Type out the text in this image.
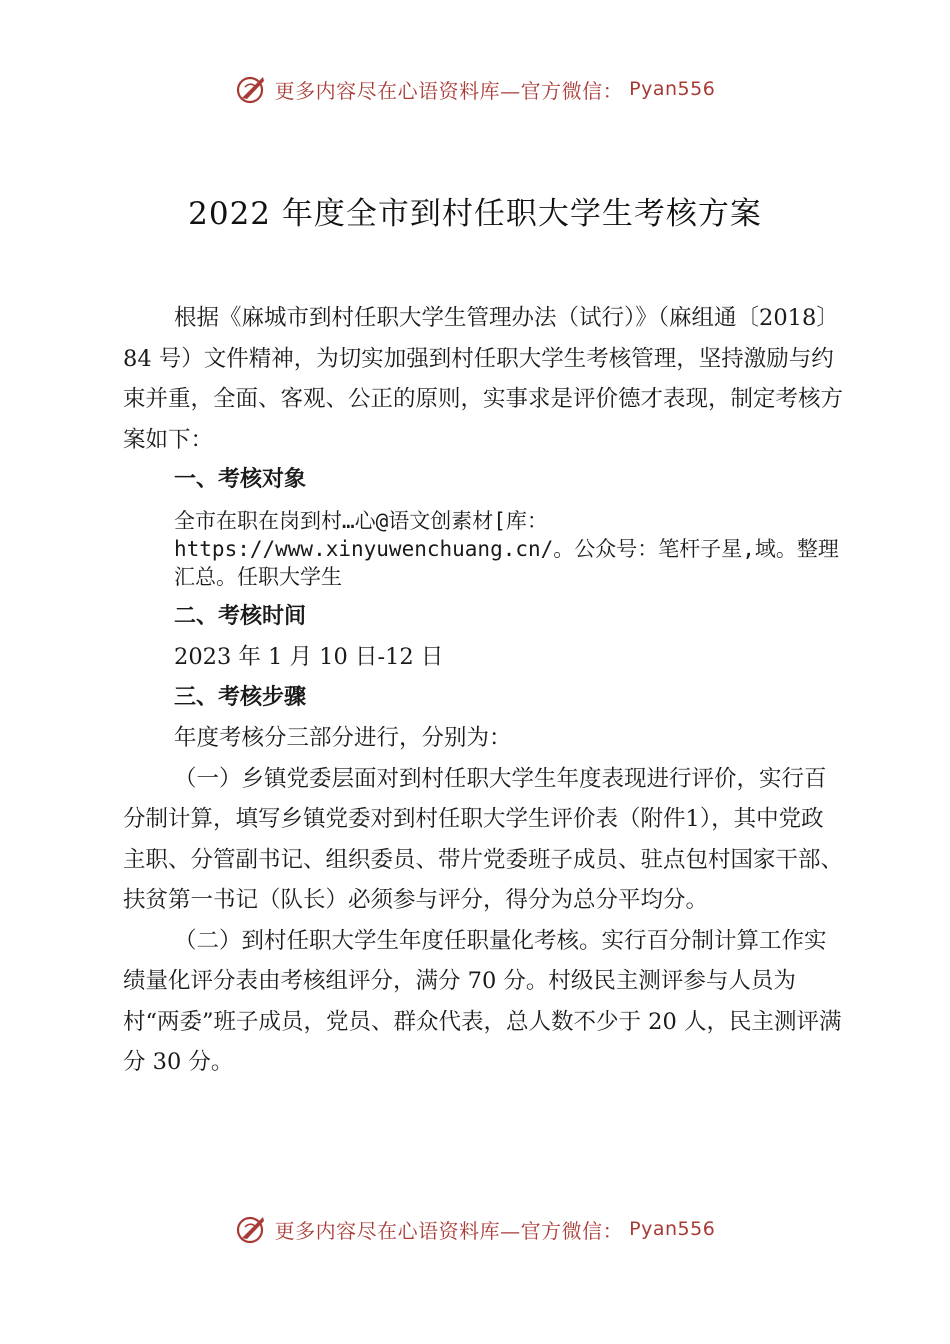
更多内容尽在心语资料库—官方微信： Pyan556
2022 年度全市到村任职大学生考核方案

根据《麻城市到村任职大学生管理办法（试行）》（麻组通〔2018〕84 号）文件精神，为切实加强到村任职大学生考核管理，坚持激励与约束并重，全面、客观、公正的原则，实事求是评价德才表现，制定考核方案如下：

一、考核对象

全市在职在岗到村…心@语文创素材[库：https://www.xinyuwenchuang.cn/。公众号：笔杆子星,域。整理汇总。任职大学生

二、考核时间

2023 年 1 月 10 日-12 日

三、考核步骤

年度考核分三部分进行，分别为：

（一）乡镇党委层面对到村任职大学生年度表现进行评价，实行百分制计算，填写乡镇党委对到村任职大学生评价表（附件1），其中党政主职、分管副书记、组织委员、带片党委班子成员、驻点包村国家干部、扶贫第一书记（队长）必须参与评分，得分为总分平均分。

（二）到村任职大学生年度任职量化考核。实行百分制计算工作实绩量化评分表由考核组评分，满分 70 分。村级民主测评参与人员为村“两委”班子成员，党员、群众代表，总人数不少于 20 人，民主测评满分 30 分。

更多内容尽在心语资料库—官方微信： Pyan556
